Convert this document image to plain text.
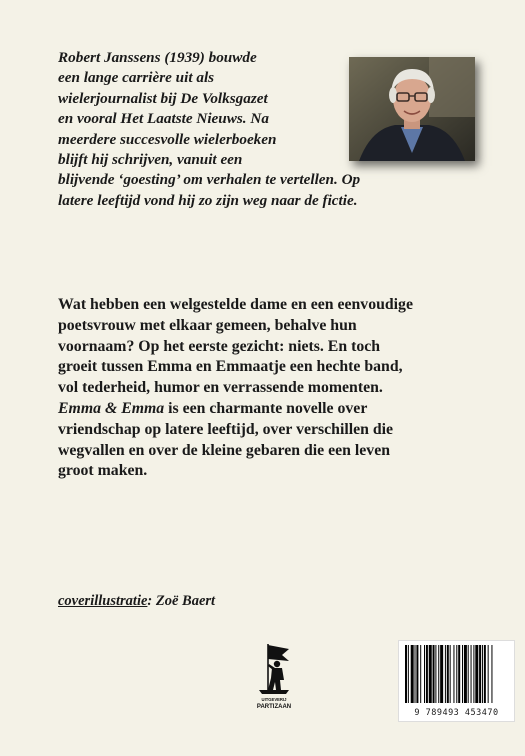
Robert Janssens (1939) bouwde
een lange carrière uit als
wielerjournalist bij De Volksgazet
en vooral Het Laatste Nieuws. Na
meerdere succesvolle wielerboeken
blijft hij schrijven, vanuit een
blijvende ‘goesting’ om verhalen te vertellen. Op
latere leeftijd vond hij zo zijn weg naar de fictie.
Wat hebben een welgestelde dame en een eenvoudige
poetsvrouw met elkaar gemeen, behalve hun
voornaam? Op het eerste gezicht: niets. En toch
groeit tussen Emma en Emmaatje een hechte band,
vol tederheid, humor en verrassende momenten.
Emma & Emma is een charmante novelle over
vriendschap op latere leeftijd, over verschillen die
wegvallen en over de kleine gebaren die een leven
groot maken.
coverillustratie: Zoë Baert
UITGEVERIJ
PARTIZAAN
9 789493 453470
